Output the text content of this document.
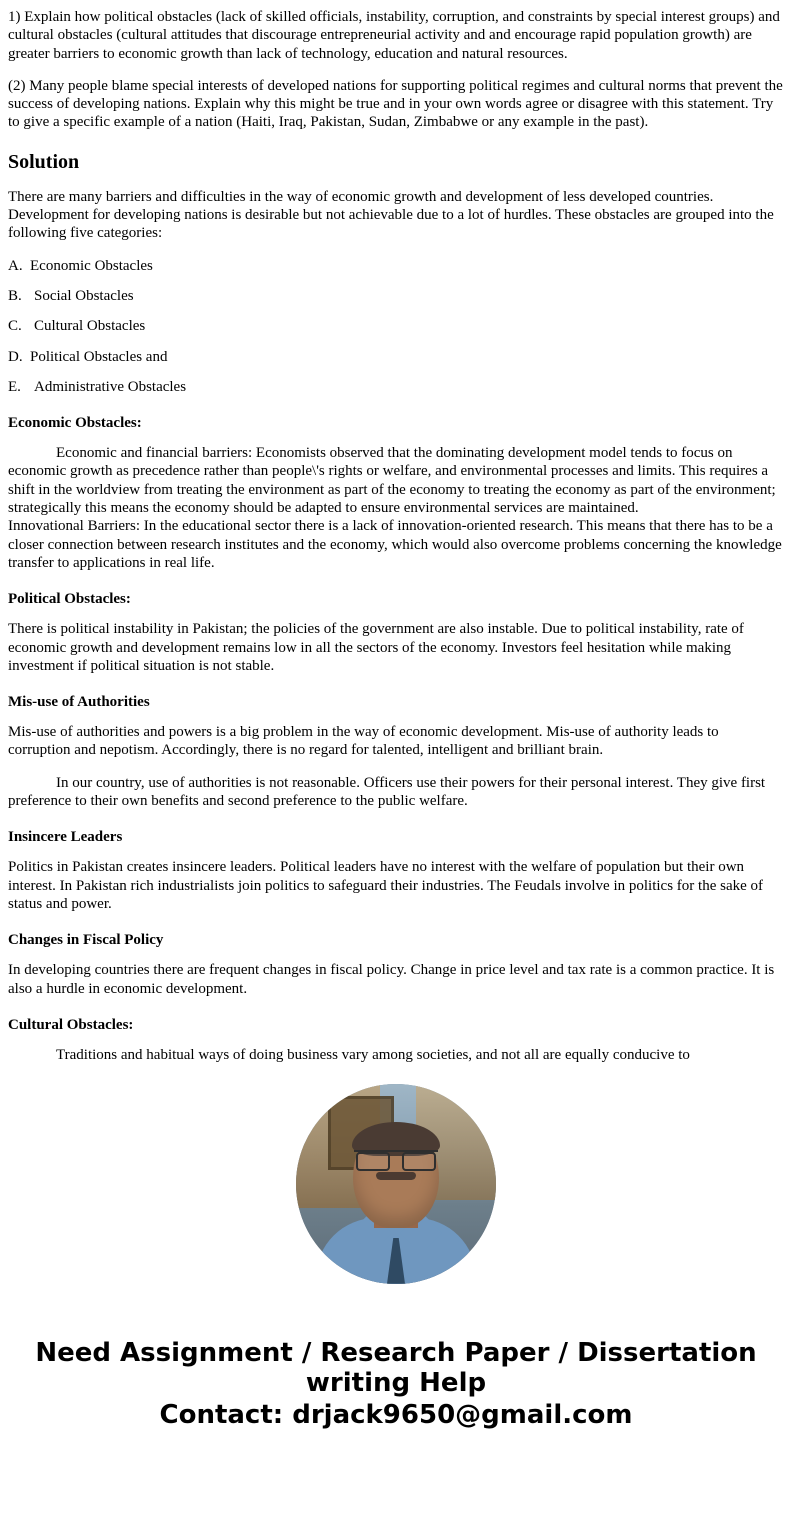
1) Explain how political obstacles (lack of skilled officials, instability, corruption, and constraints by special interest groups) and cultural obstacles (cultural attitudes that discourage entrepreneurial activity and and encourage rapid population growth) are greater barriers to economic growth than lack of technology, education and natural resources.

(2) Many people blame special interests of developed nations for supporting political regimes and cultural norms that prevent the success of developing nations. Explain why this might be true and in your own words agree or disagree with this statement. Try to give a specific example of a nation (Haiti, Iraq, Pakistan, Sudan, Zimbabwe or any example in the past).

Solution

There are many barriers and difficulties in the way of economic growth and development of less developed countries. Development for developing nations is desirable but not achievable due to a lot of hurdles. These obstacles are grouped into the following five categories:

A. Economic Obstacles
B. Social Obstacles
C. Cultural Obstacles
D. Political Obstacles and
E. Administrative Obstacles
Economic Obstacles:

Economic and financial barriers: Economists observed that the dominating development model tends to focus on economic growth as precedence rather than people\'s rights or welfare, and environmental processes and limits. This requires a shift in the worldview from treating the environment as part of the economy to treating the economy as part of the environment; strategically this means the economy should be adapted to ensure environmental services are maintained.

Innovational Barriers: In the educational sector there is a lack of innovation-oriented research. This means that there has to be a closer connection between research institutes and the economy, which would also overcome problems concerning the knowledge transfer to applications in real life.

Political Obstacles:

There is political instability in Pakistan; the policies of the government are also instable. Due to political instability, rate of economic growth and development remains low in all the sectors of the economy. Investors feel hesitation while making investment if political situation is not stable.

Mis-use of Authorities

Mis-use of authorities and powers is a big problem in the way of economic development. Mis-use of authority leads to corruption and nepotism. Accordingly, there is no regard for talented, intelligent and brilliant brain.

In our country, use of authorities is not reasonable. Officers use their powers for their personal interest. They give first preference to their own benefits and second preference to the public welfare.

Insincere Leaders

Politics in Pakistan creates insincere leaders. Political leaders have no interest with the welfare of population but their own interest. In Pakistan rich industrialists join politics to safeguard their industries. The Feudals involve in politics for the sake of status and power.

Changes in Fiscal Policy

In developing countries there are frequent changes in fiscal policy. Change in price level and tax rate is a common practice. It is also a hurdle in economic development.

Cultural Obstacles:

Traditions and habitual ways of doing business vary among societies, and not all are equally conducive to

Need Assignment / Research Paper / Dissertation writing Help
Contact: drjack9650@gmail.com
